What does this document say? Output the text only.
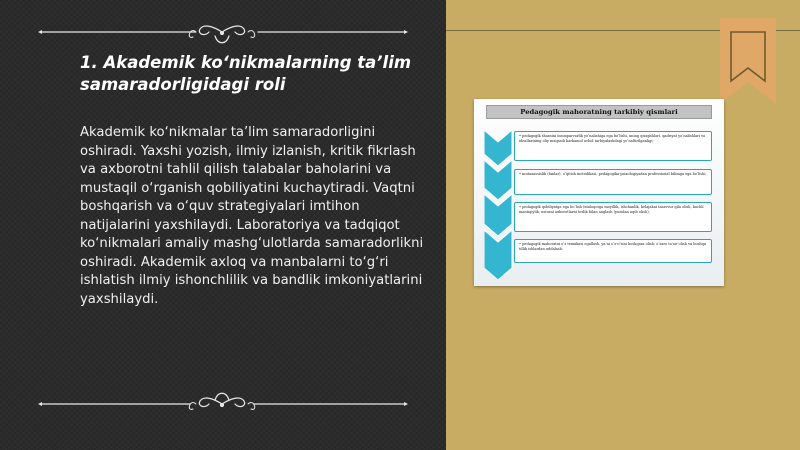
1. Akademik ko‘nikmalarning ta’lim samaradorligidagi roli

Akademik ko‘nikmalar ta’lim samaradorligini oshiradi. Yaxshi yozish, ilmiy izlanish, kritik fikrlash va axborotni tahlil qilish talabalar baholarini va mustaqil o‘rganish qobiliyatini kuchaytiradi. Vaqtni boshqarish va o‘quv strategiyalari imtihon natijalarini yaxshilaydi. Laboratoriya va tadqiqot ko‘nikmalari amaliy mashg‘ulotlarda samaradorlikni oshiradi. Akademik axloq va manbalarni to‘g‘ri ishlatish ilmiy ishonchlilik va bandlik imkoniyatlarini yaxshilaydi.

Pedagogik mahoratning tarkibiy qismlari
• pedagogik shaxsini insonparvarlik yo‘nalishiga ega bo‘lishi, uning qiziqishlari, qadriyat yo‘nalishlari va ideallarining oliy maqsadi barkamol avlod tarbiyalashdagi yo‘naltirilganligi;
• mutaxassislik (fanlar), o‘qitish metodikasi, pedagogika-psixologiyadan professional bilimga ega bo‘lishi;
• pedagogik qobiliyatga ega bo‘lish (muloqotga moyillik, ishchanlik, kelajakni tasavvur qila olish, kuchli mantiqiylik, ustozni axborotlarni tezlik bilan anglash (yuzidan uqib olish);
• pedagogik mahoratni o‘z texnikasi egallash, ya’ni o‘z-o‘zini boshqara olish, o‘zaro ta’sir olish va boshqa tillik ishlardan uddalash.
